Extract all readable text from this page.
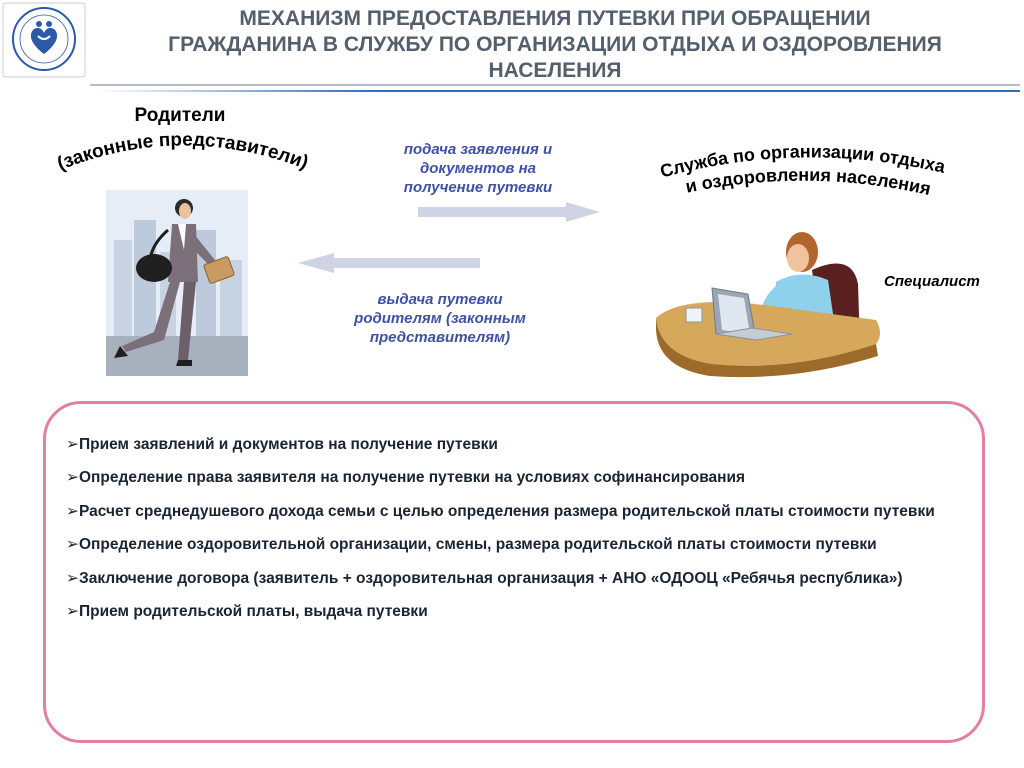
МЕХАНИЗМ ПРЕДОСТАВЛЕНИЯ ПУТЕВКИ ПРИ ОБРАЩЕНИИ
ГРАЖДАНИНА В СЛУЖБУ ПО ОРГАНИЗАЦИИ ОТДЫХА И ОЗДОРОВЛЕНИЯ
НАСЕЛЕНИЯ
Родители
(законные представители)	Служба по организации отдыха
и оздоровления населения
подача заявления и
документов на
получение путевки
выдача путевки
родителям (законным
представителям)
Специалист
➢Прием заявлений и документов на получение путевки
➢Определение права заявителя на получение путевки на условиях софинансирования
➢Расчет среднедушевого дохода семьи с целью определения размера родительской платы стоимости путевки
➢Определение оздоровительной организации, смены, размера родительской платы стоимости путевки
➢Заключение договора (заявитель + оздоровительная организация + АНО «ОДООЦ «Ребячья республика»)
➢Прием родительской платы, выдача путевки
